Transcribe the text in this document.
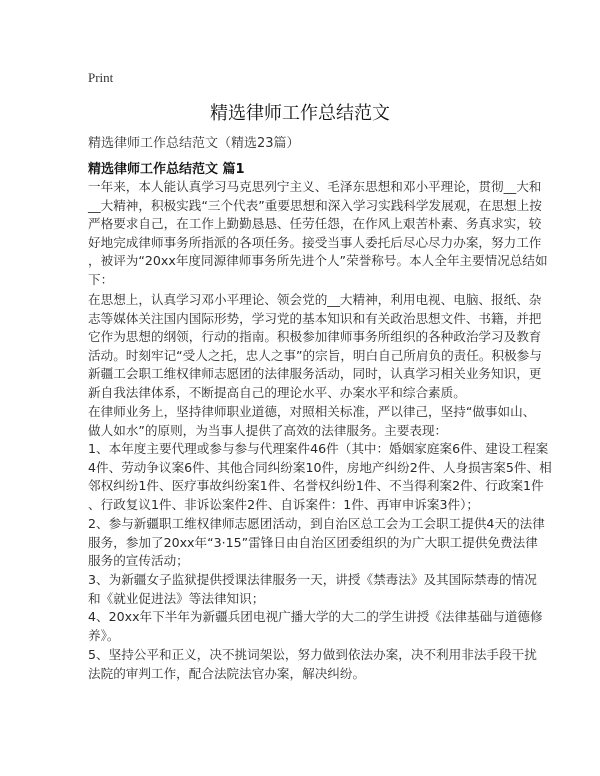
Print
精选律师工作总结范文
精选律师工作总结范文（精选23篇）
精选律师工作总结范文 篇1
一年来，本人能认真学习马克思列宁主义、毛泽东思想和邓小平理论，贯彻__大和
__大精神，积极实践“三个代表”重要思想和深入学习实践科学发展观，在思想上按
严格要求自己，在工作上勤勤恳恳、任劳任怨，在作风上艰苦朴素、务真求实，较
好地完成律师事务所指派的各项任务。接受当事人委托后尽心尽力办案，努力工作
，被评为“20xx年度同源律师事务所先进个人”荣誉称号。本人全年主要情况总结如
下：
在思想上，认真学习邓小平理论、领会党的__大精神，利用电视、电脑、报纸、杂
志等媒体关注国内国际形势，学习党的基本知识和有关政治思想文件、书籍，并把
它作为思想的纲领，行动的指南。积极参加律师事务所组织的各种政治学习及教育
活动。时刻牢记“受人之托，忠人之事”的宗旨，明白自己所肩负的责任。积极参与
新疆工会职工维权律师志愿团的法律服务活动，同时，认真学习相关业务知识，更
新自我法律体系，不断提高自己的理论水平、办案水平和综合素质。
在律师业务上，坚持律师职业道德，对照相关标准，严以律己，坚持“做事如山、
做人如水”的原则，为当事人提供了高效的法律服务。主要表现：
1、本年度主要代理或参与参与代理案件46件（其中：婚姻家庭案6件、建设工程案
4件、劳动争议案6件、其他合同纠纷案10件，房地产纠纷2件、人身损害案5件、相
邻权纠纷1件、医疗事故纠纷案1件、名誉权纠纷1件、不当得利案2件、行政案1件
、行政复议1件、非诉讼案件2件、自诉案件：1件、再审申诉案3件）；
2、参与新疆职工维权律师志愿团活动，到自治区总工会为工会职工提供4天的法律
服务，参加了20xx年“3·15”雷锋日由自治区团委组织的为广大职工提供免费法律
服务的宣传活动；
3、为新疆女子监狱提供授课法律服务一天，讲授《禁毒法》及其国际禁毒的情况
和《就业促进法》等法律知识；
4、20xx年下半年为新疆兵团电视广播大学的大二的学生讲授《法律基础与道德修
养》。
5、坚持公平和正义，决不挑词架讼，努力做到依法办案，决不利用非法手段干扰
法院的审判工作，配合法院法官办案，解决纠纷。
